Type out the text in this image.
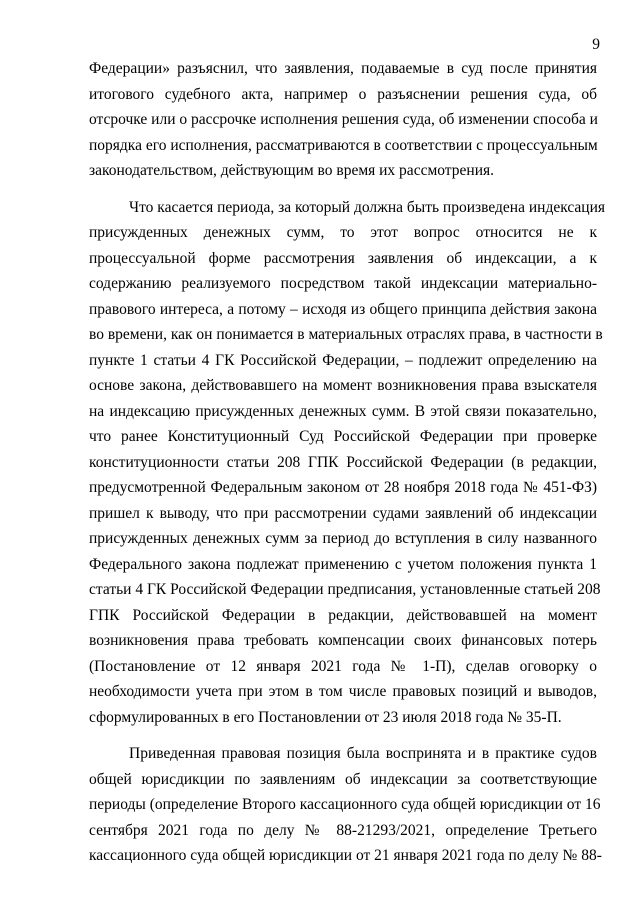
9
Федерации» разъяснил, что заявления, подаваемые в суд после принятия
итогового судебного акта, например о разъяснении решения суда, об
отсрочке или о рассрочке исполнения решения суда, об изменении способа и
порядка его исполнения, рассматриваются в соответствии с процессуальным
законодательством, действующим во время их рассмотрения.
Что касается периода, за который должна быть произведена индексация
присужденных денежных сумм, то этот вопрос относится не к
процессуальной форме рассмотрения заявления об индексации, а к
содержанию реализуемого посредством такой индексации материально-
правового интереса, а потому – исходя из общего принципа действия закона
во времени, как он понимается в материальных отраслях права, в частности в
пункте 1 статьи 4 ГК Российской Федерации, – подлежит определению на
основе закона, действовавшего на момент возникновения права взыскателя
на индексацию присужденных денежных сумм. В этой связи показательно,
что ранее Конституционный Суд Российской Федерации при проверке
конституционности статьи 208 ГПК Российской Федерации (в редакции,
предусмотренной Федеральным законом от 28 ноября 2018 года № 451-ФЗ)
пришел к выводу, что при рассмотрении судами заявлений об индексации
присужденных денежных сумм за период до вступления в силу названного
Федерального закона подлежат применению с учетом положения пункта 1
статьи 4 ГК Российской Федерации предписания, установленные статьей 208
ГПК Российской Федерации в редакции, действовавшей на момент
возникновения права требовать компенсации своих финансовых потерь
(Постановление от 12 января 2021 года № 1-П), сделав оговорку о
необходимости учета при этом в том числе правовых позиций и выводов,
сформулированных в его Постановлении от 23 июля 2018 года № 35-П.
Приведенная правовая позиция была воспринята и в практике судов
общей юрисдикции по заявлениям об индексации за соответствующие
периоды (определение Второго кассационного суда общей юрисдикции от 16
сентября 2021 года по делу № 88-21293/2021, определение Третьего
кассационного суда общей юрисдикции от 21 января 2021 года по делу № 88-
